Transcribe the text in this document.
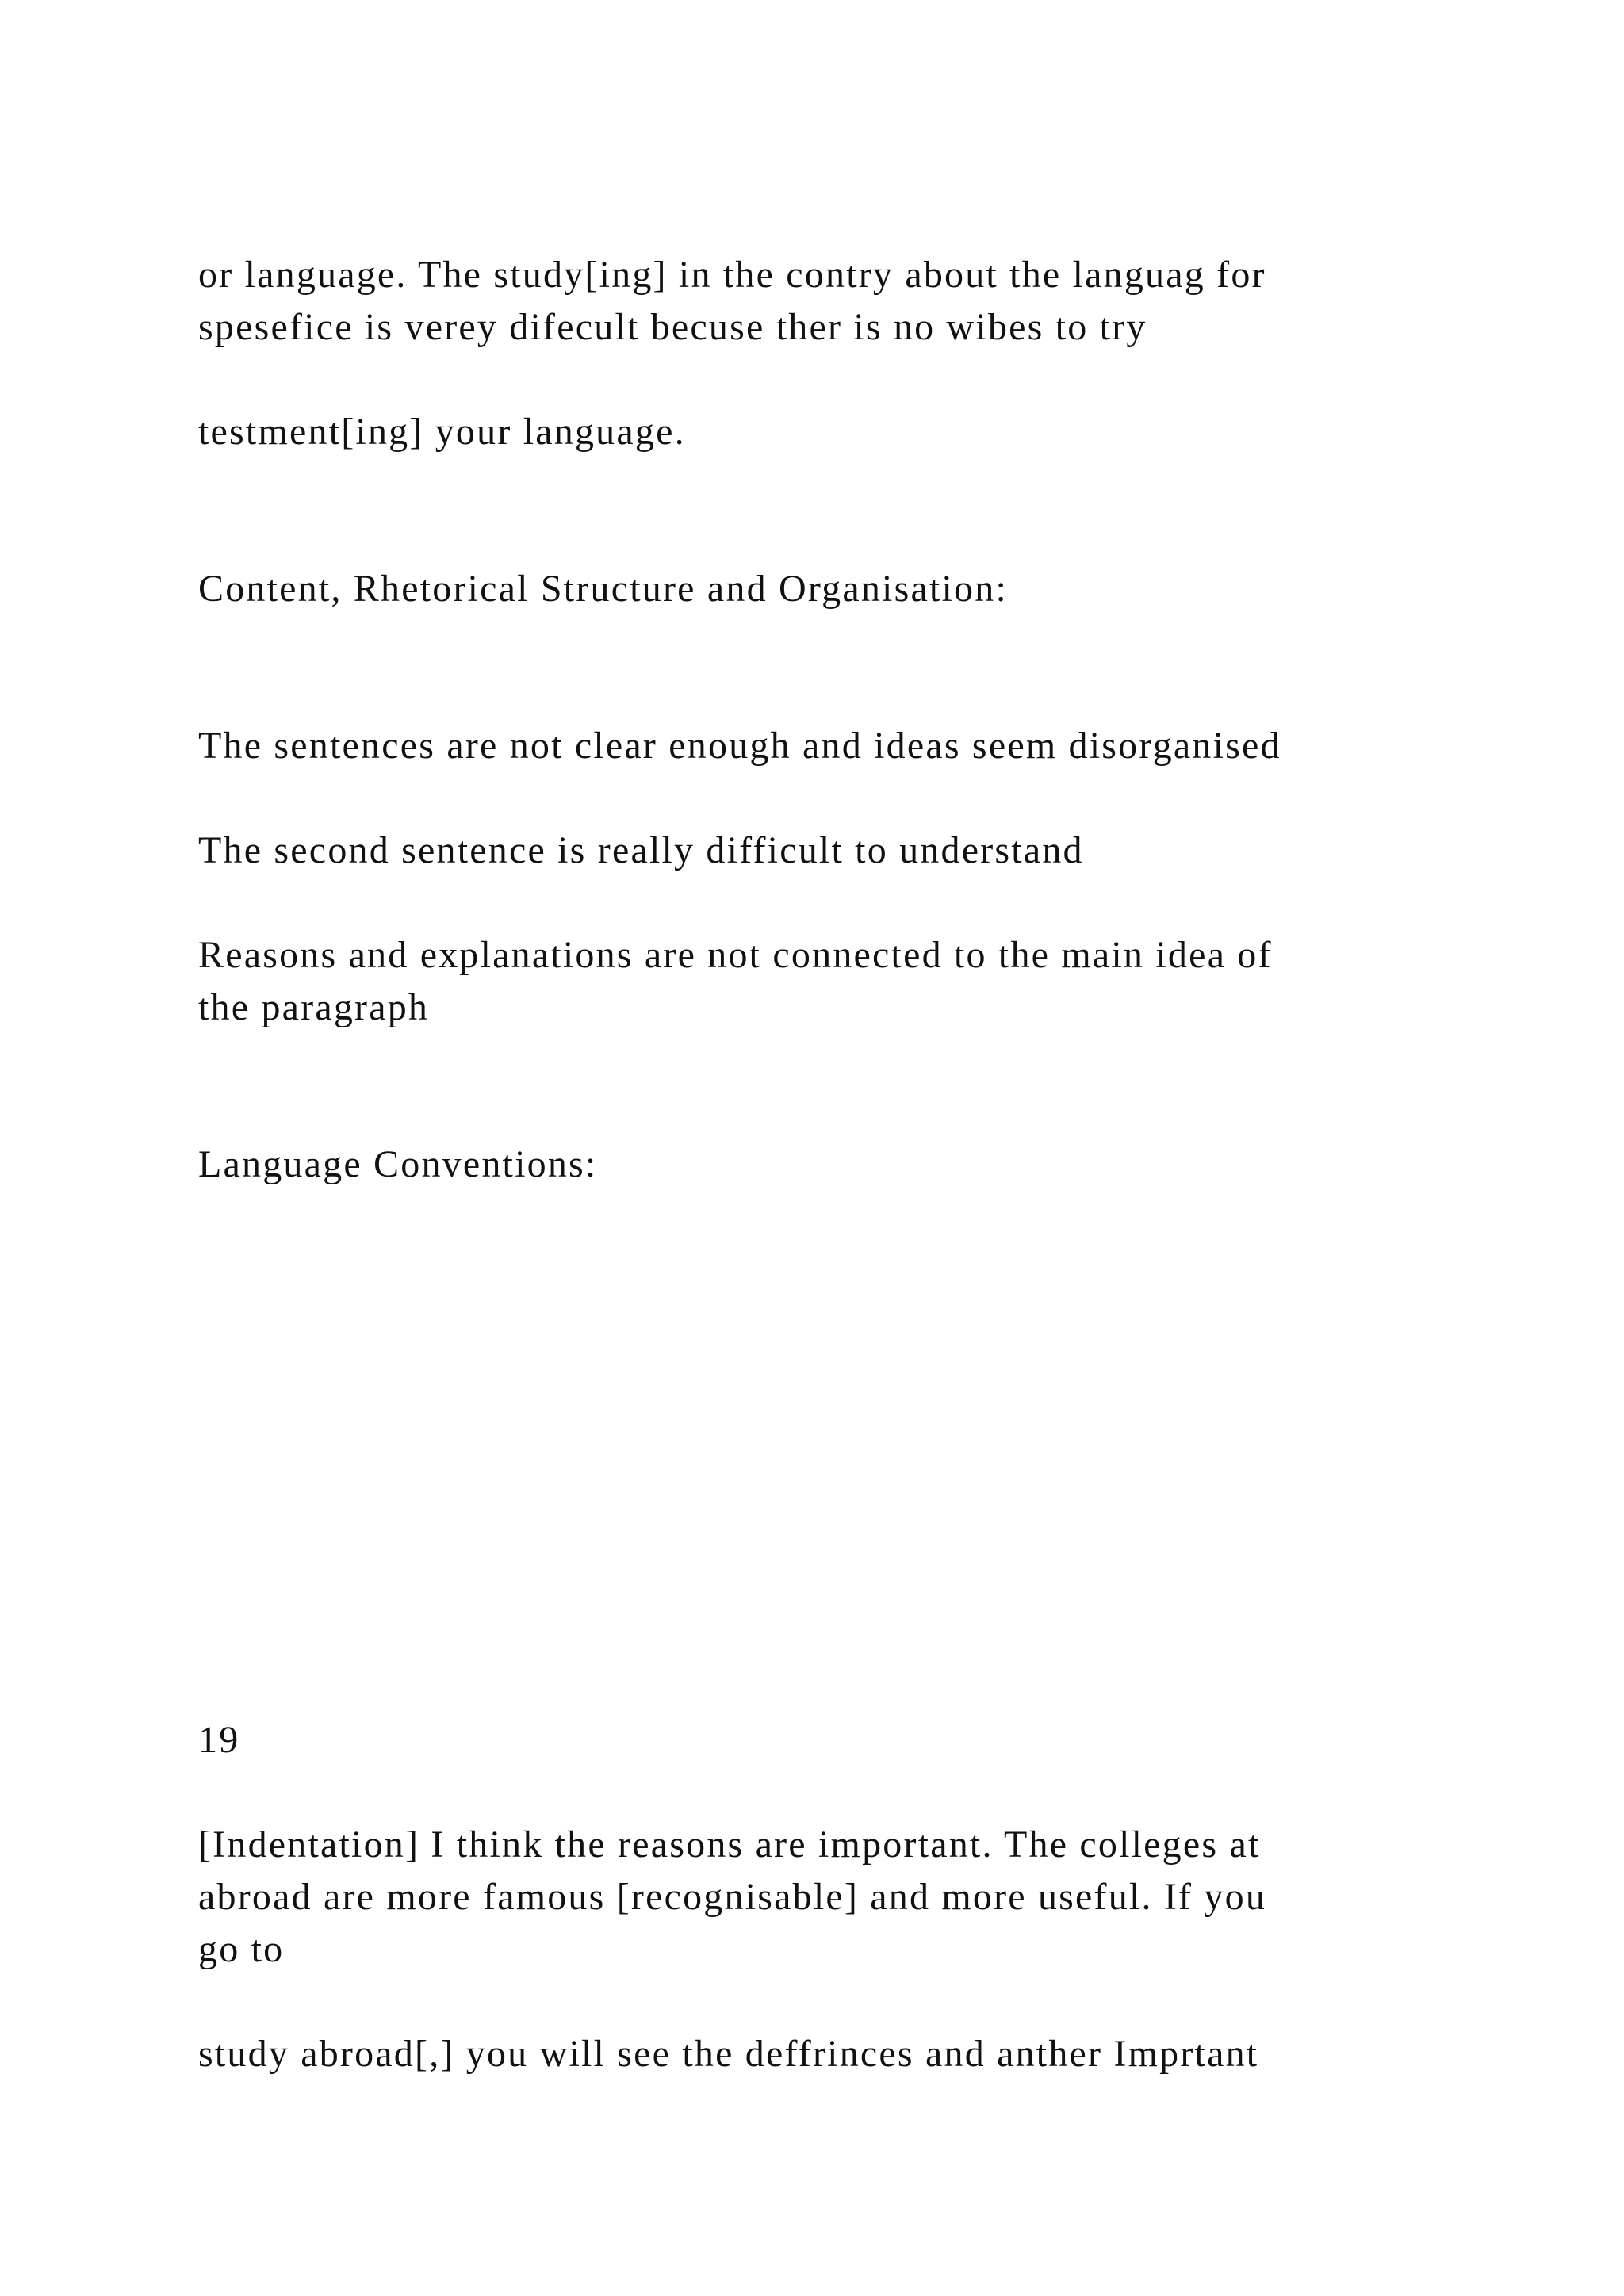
or language. The study[ing] in the contry about the languag for

spesefice is verey difecult becuse ther is no wibes to try

testment[ing] your language.

Content, Rhetorical Structure and Organisation:

The sentences are not clear enough and ideas seem disorganised

The second sentence is really difficult to understand

Reasons and explanations are not connected to the main idea of

the paragraph

Language Conventions:

19

[Indentation] I think the reasons are important. The colleges at

abroad are more famous [recognisable] and more useful. If you

go to

study abroad[,] you will see the deffrinces and anther Imprtant
